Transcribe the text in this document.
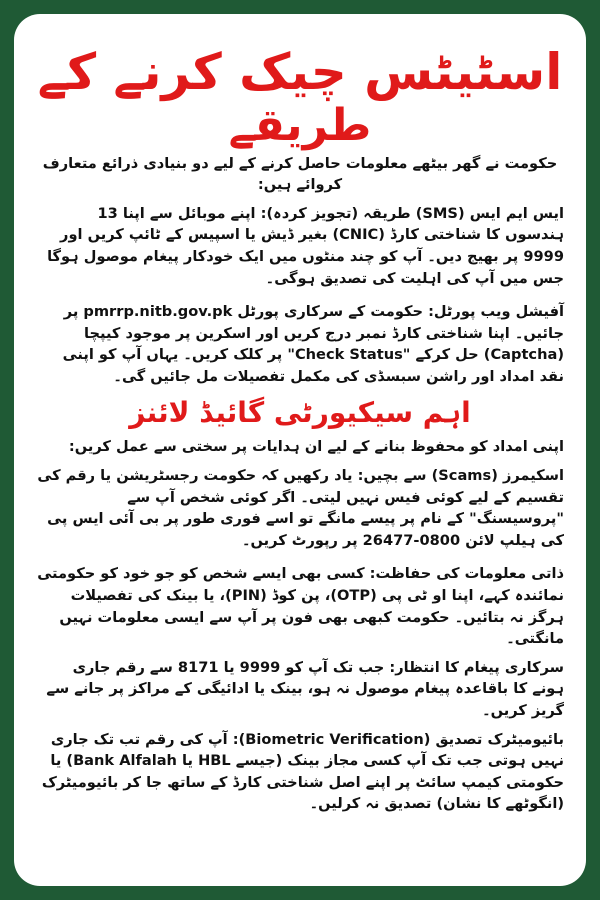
اسٹیٹس چیک کرنے کے
طریقے

حکومت نے گھر بیٹھے معلومات حاصل کرنے کے لیے دو بنیادی ذرائع متعارف کروائے ہیں:

ایس ایم ایس (SMS) طریقہ (تجویز کردہ): اپنے موبائل سے اپنا 13 ہندسوں کا شناختی کارڈ (CNIC) بغیر ڈیش یا اسپیس کے ٹائپ کریں اور 9999 پر بھیج دیں۔ آپ کو چند منٹوں میں ایک خودکار پیغام موصول ہوگا جس میں آپ کی اہلیت کی تصدیق ہوگی۔

آفیشل ویب پورٹل: حکومت کے سرکاری پورٹل pmrrp.nitb.gov.pk پر جائیں۔ اپنا شناختی کارڈ نمبر درج کریں اور اسکرین پر موجود کیپچا (Captcha) حل کرکے "Check Status" پر کلک کریں۔ یہاں آپ کو اپنی نقد امداد اور راشن سبسڈی کی مکمل تفصیلات مل جائیں گی۔

اہم سیکیورٹی گائیڈ لائنز

اپنی امداد کو محفوظ بنانے کے لیے ان ہدایات پر سختی سے عمل کریں:

اسکیمرز (Scams) سے بچیں: یاد رکھیں کہ حکومت رجسٹریشن یا رقم کی تقسیم کے لیے کوئی فیس نہیں لیتی۔ اگر کوئی شخص آپ سے "پروسیسنگ" کے نام پر پیسے مانگے تو اسے فوری طور پر بی آئی ایس پی کی ہیلپ لائن 0800-26477 پر رپورٹ کریں۔

ذاتی معلومات کی حفاظت: کسی بھی ایسے شخص کو جو خود کو حکومتی نمائندہ کہے، اپنا او ٹی پی (OTP)، پن کوڈ (PIN)، یا بینک کی تفصیلات ہرگز نہ بتائیں۔ حکومت کبھی بھی فون پر آپ سے ایسی معلومات نہیں مانگتی۔

سرکاری پیغام کا انتظار: جب تک آپ کو 9999 یا 8171 سے رقم جاری ہونے کا باقاعدہ پیغام موصول نہ ہو، بینک یا ادائیگی کے مراکز پر جانے سے گریز کریں۔

بائیومیٹرک تصدیق (Biometric Verification): آپ کی رقم تب تک جاری نہیں ہوتی جب تک آپ کسی مجاز بینک (جیسے HBL یا Bank Alfalah) یا حکومتی کیمپ سائٹ پر اپنے اصل شناختی کارڈ کے ساتھ جا کر بائیومیٹرک (انگوٹھے کا نشان) تصدیق نہ کرلیں۔
